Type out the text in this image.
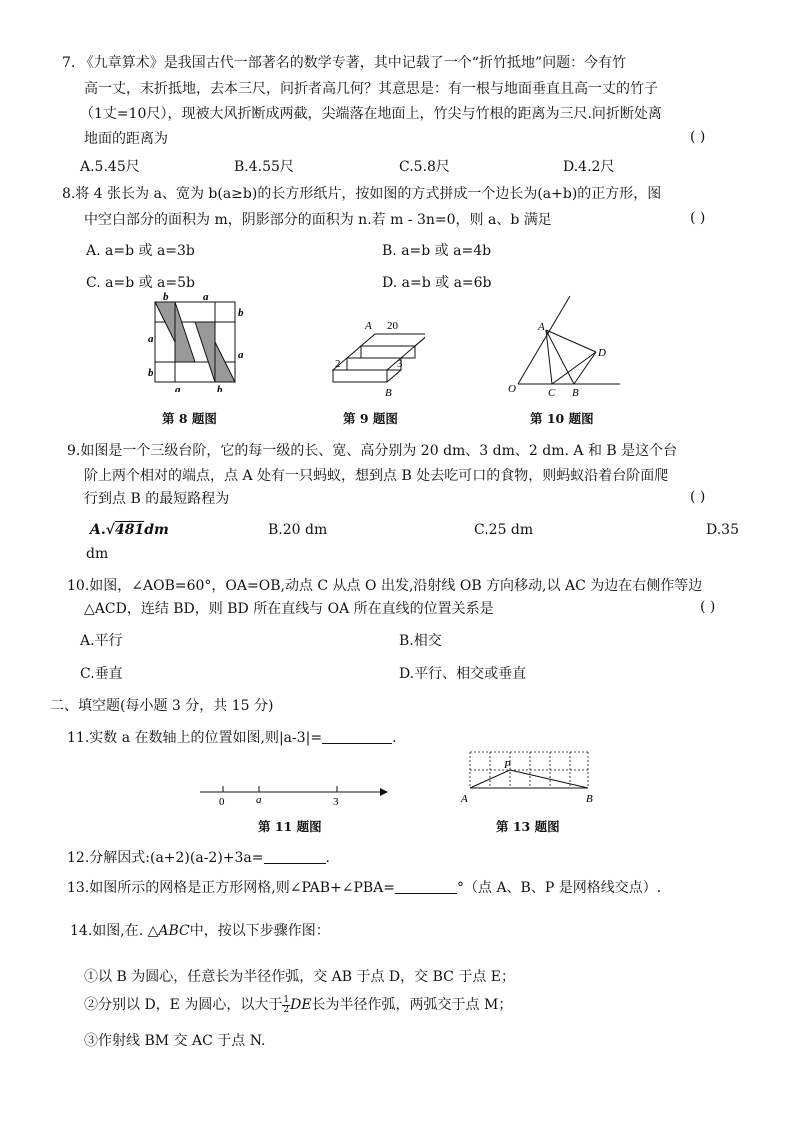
7. 《九章算术》是我国古代一部著名的数学专著，其中记载了一个“折竹抵地”问题：今有竹
高一丈，末折抵地，去本三尺，问折者高几何？其意思是：有一根与地面垂直且高一丈的竹子
（1丈=10尺），现被大风折断成两截，尖端落在地面上，竹尖与竹根的距离为三尺.问折断处离
地面的距离为	( )
A.5.45尺	B.4.55尺	C.5.8尺	D.4.2尺
8.将 4 张长为 a、宽为 b(a≥b)的长方形纸片，按如图的方式拼成一个边长为(a+b)的正方形，图
中空白部分的面积为 m，阴影部分的面积为 n.若 m - 3n=0，则 a、b 满足	( )
A. a=b 或 a=3b	B. a=b 或 a=4b
C. a=b 或 a=5b	D. a=b 或 a=6b
b	a
a
b
a
b
a	b
第 8 题图
A 20
2	3
B
第 9 题图
A
D
O	C B
第 10 题图
9.如图是一个三级台阶，它的每一级的长、宽、高分别为 20 dm、3 dm、2 dm. A 和 B 是这个台
阶上两个相对的端点，点 A 处有一只蚂蚁，想到点 B 处去吃可口的食物，则蚂蚁沿着台阶面爬
行到点 B 的最短路程为	( )
A.√481dm	B.20 dm	C.25 dm	D.35
dm
10.如图，∠AOB=60°，OA=OB,动点 C 从点 O 出发,沿射线 OB 方向移动,以 AC 为边在右侧作等边
△ACD，连结 BD，则 BD 所在直线与 OA 所在直线的位置关系是	( )
A.平行	B.相交
C.垂直	D.平行、相交或垂直
二、填空题(每小题 3 分，共 15 分)
11.实数 a 在数轴上的位置如图,则|a-3|=	.
0	a	3
第 11 题图
P
A	B
第 13 题图
12.分解因式:(a+2)(a-2)+3a=	.
13.如图所示的网格是正方形网格,则∠PAB+∠PBA=	°（点 A、B、P 是网格线交点）.
14.如图,在. △ABC中，按以下步骤作图：
①以 B 为圆心，任意长为半径作弧，交 AB 于点 D，交 BC 于点 E；
②分别以 D，E 为圆心，以大于 $\frac{1}{2}$ DE长为半径作弧，两弧交于点 M；
③作射线 BM 交 AC 于点 N.
